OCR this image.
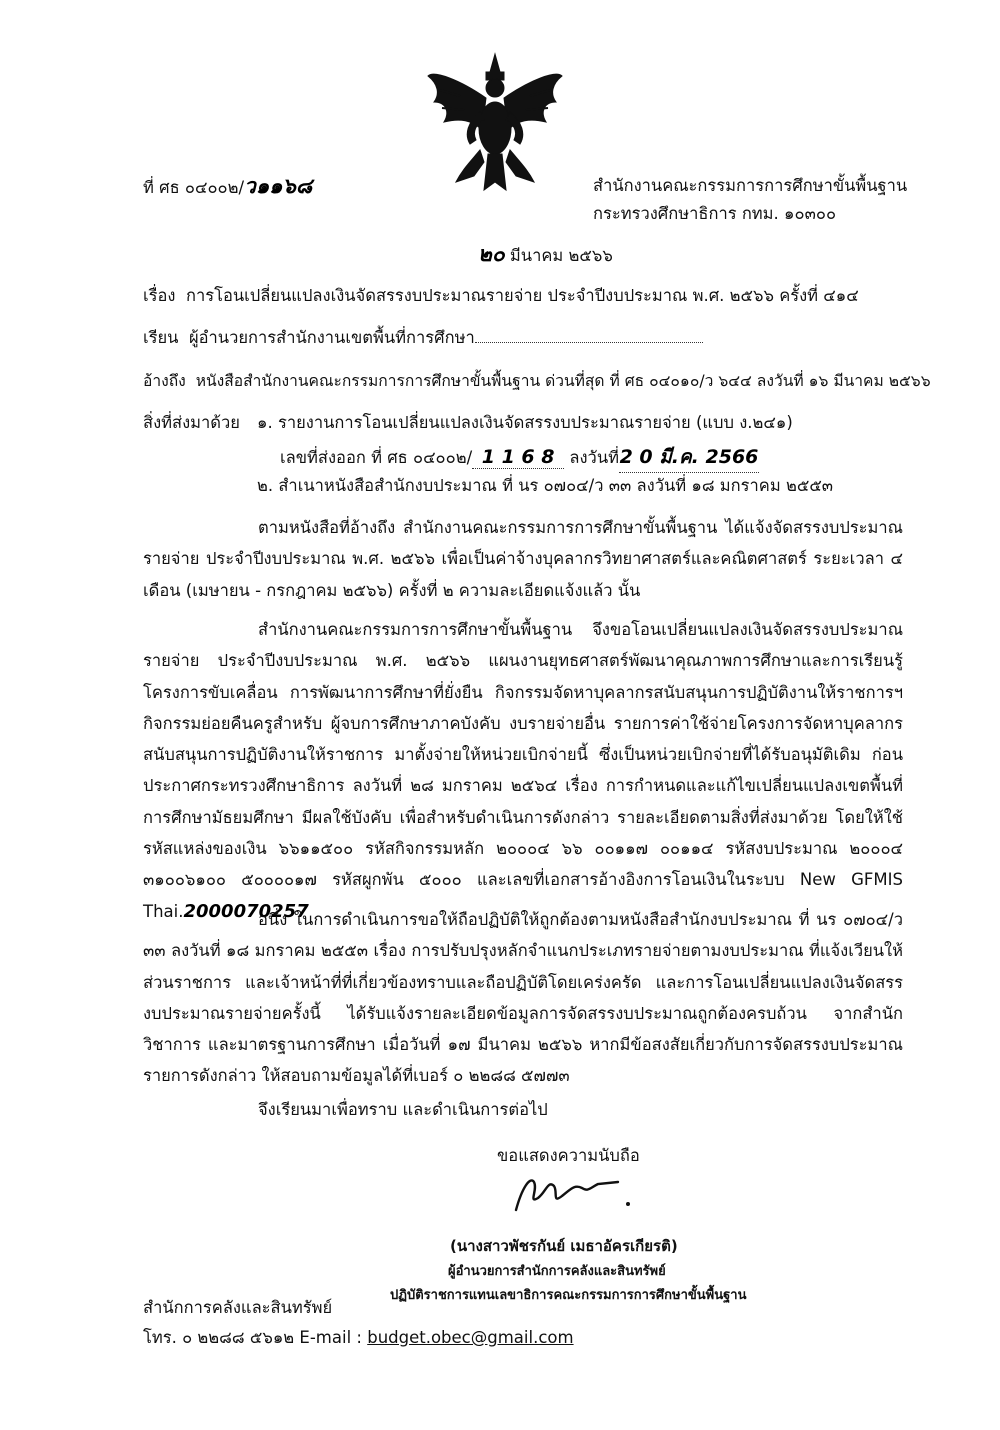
ที่ ศธ ๐๔๐๐๒/ว๑๑๖๘	สำนักงานคณะกรรมการการศึกษาขั้นพื้นฐาน
กระทรวงศึกษาธิการ กทม. ๑๐๓๐๐
๒๐ มีนาคม ๒๕๖๖
เรื่อง การโอนเปลี่ยนแปลงเงินจัดสรรงบประมาณรายจ่าย ประจำปีงบประมาณ พ.ศ. ๒๕๖๖ ครั้งที่ ๔๑๔
เรียน ผู้อำนวยการสำนักงานเขตพื้นที่การศึกษา
อ้างถึง หนังสือสำนักงานคณะกรรมการการศึกษาขั้นพื้นฐาน ด่วนที่สุด ที่ ศธ ๐๔๐๑๐/ว ๖๔๔ ลงวันที่ ๑๖ มีนาคม ๒๕๖๖
สิ่งที่ส่งมาด้วย ๑. รายงานการโอนเปลี่ยนแปลงเงินจัดสรรงบประมาณรายจ่าย (แบบ ง.๒๔๑)
เลขที่ส่งออก ที่ ศธ ๐๔๐๐๒/ 1 1 6 8 ลงวันที่2 0 มี.ค. 2566
๒. สำเนาหนังสือสำนักงบประมาณ ที่ นร ๐๗๐๔/ว ๓๓ ลงวันที่ ๑๘ มกราคม ๒๕๕๓

ตามหนังสือที่อ้างถึง สำนักงานคณะกรรมการการศึกษาขั้นพื้นฐาน ได้แจ้งจัดสรรงบประมาณ รายจ่าย ประจำปีงบประมาณ พ.ศ. ๒๕๖๖ เพื่อเป็นค่าจ้างบุคลากรวิทยาศาสตร์และคณิตศาสตร์ ระยะเวลา ๔ เดือน (เมษายน - กรกฎาคม ๒๕๖๖) ครั้งที่ ๒ ความละเอียดแจ้งแล้ว นั้น

สำนักงานคณะกรรมการการศึกษาขั้นพื้นฐาน จึงขอโอนเปลี่ยนแปลงเงินจัดสรรงบประมาณรายจ่าย ประจำปีงบประมาณ พ.ศ. ๒๕๖๖ แผนงานยุทธศาสตร์พัฒนาคุณภาพการศึกษาและการเรียนรู้ โครงการขับเคลื่อน การพัฒนาการศึกษาที่ยั่งยืน กิจกรรมจัดหาบุคลากรสนับสนุนการปฏิบัติงานให้ราชการฯ กิจกรรมย่อยคืนครูสำหรับ ผู้จบการศึกษาภาคบังคับ งบรายจ่ายอื่น รายการค่าใช้จ่ายโครงการจัดหาบุคลากรสนับสนุนการปฏิบัติงานให้ราชการ มาตั้งจ่ายให้หน่วยเบิกจ่ายนี้ ซึ่งเป็นหน่วยเบิกจ่ายที่ได้รับอนุมัติเดิม ก่อนประกาศกระทรวงศึกษาธิการ ลงวันที่ ๒๘ มกราคม ๒๕๖๔ เรื่อง การกำหนดและแก้ไขเปลี่ยนแปลงเขตพื้นที่การศึกษามัธยมศึกษา มีผลใช้บังคับ เพื่อสำหรับดำเนินการดังกล่าว รายละเอียดตามสิ่งที่ส่งมาด้วย โดยให้ใช้รหัสแหล่งของเงิน ๖๖๑๑๕๐๐ รหัสกิจกรรมหลัก ๒๐๐๐๔ ๖๖ ๐๐๑๑๗ ๐๐๑๑๔ รหัสงบประมาณ ๒๐๐๐๔ ๓๑๐๐๖๑๐๐ ๕๐๐๐๐๑๗ รหัสผูกพัน ๕๐๐๐ และเลขที่เอกสารอ้างอิงการโอนเงินในระบบ New GFMIS Thai.2000070257

อนึ่ง ในการดำเนินการขอให้ถือปฏิบัติให้ถูกต้องตามหนังสือสำนักงบประมาณ ที่ นร ๐๗๐๔/ว ๓๓ ลงวันที่ ๑๘ มกราคม ๒๕๕๓ เรื่อง การปรับปรุงหลักจำแนกประเภทรายจ่ายตามงบประมาณ ที่แจ้งเวียนให้ ส่วนราชการ และเจ้าหน้าที่ที่เกี่ยวข้องทราบและถือปฏิบัติโดยเคร่งครัด และการโอนเปลี่ยนแปลงเงินจัดสรร งบประมาณรายจ่ายครั้งนี้ ได้รับแจ้งรายละเอียดข้อมูลการจัดสรรงบประมาณถูกต้องครบถ้วน จากสำนักวิชาการ และมาตรฐานการศึกษา เมื่อวันที่ ๑๗ มีนาคม ๒๕๖๖ หากมีข้อสงสัยเกี่ยวกับการจัดสรรงบประมาณรายการดังกล่าว ให้สอบถามข้อมูลได้ที่เบอร์ ๐ ๒๒๘๘ ๕๗๗๓

จึงเรียนมาเพื่อทราบ และดำเนินการต่อไป
ขอแสดงความนับถือ
(นางสาวพัชรกันย์ เมธาอัครเกียรติ)
ผู้อำนวยการสำนักการคลังและสินทรัพย์
ปฏิบัติราชการแทนเลขาธิการคณะกรรมการการศึกษาขั้นพื้นฐาน
สำนักการคลังและสินทรัพย์
โทร. ๐ ๒๒๘๘ ๕๖๑๒ E-mail : budget.obec@gmail.com
